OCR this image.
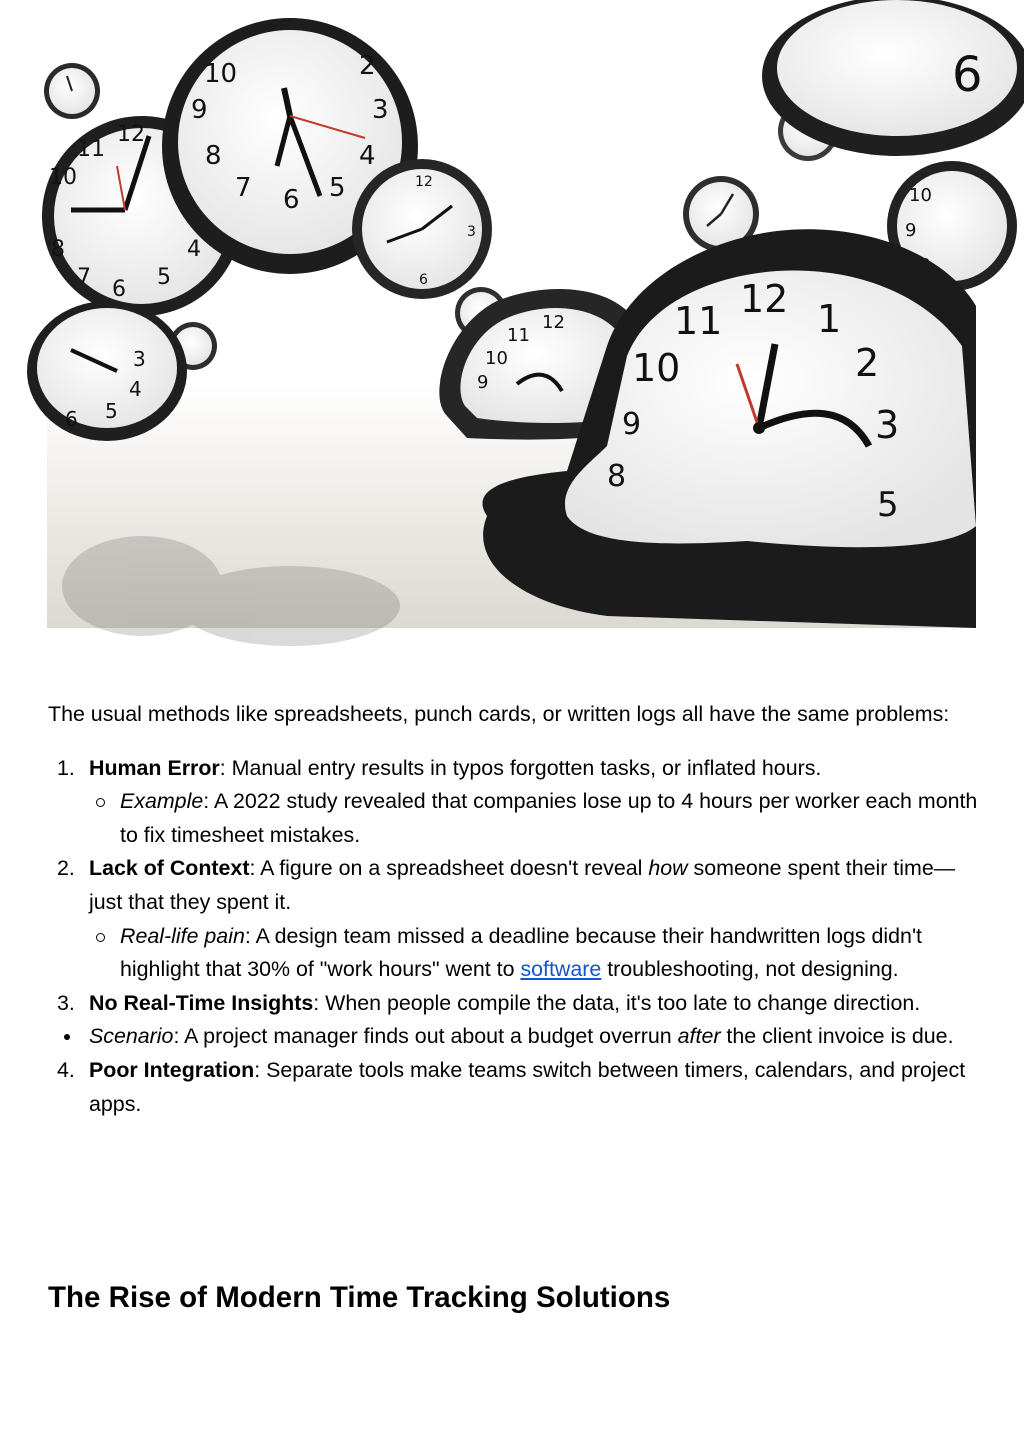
12
11
10
4
5
6
7
8
10
9
8
7 6 5
4
3
2
12
3
6
6
10
9
3
4
5
6
11
12
10
9
11 12 1
10	2
9	3
8
5

The usual methods like spreadsheets, punch cards, or written logs all have the same problems:

1. Human Error: Manual entry results in typos forgotten tasks, or inflated hours.
Example: A 2022 study revealed that companies lose up to 4 hours per worker each month to fix timesheet mistakes.
2. Lack of Context: A figure on a spreadsheet doesn't reveal how someone spent their time—just that they spent it.
Real-life pain: A design team missed a deadline because their handwritten logs didn't highlight that 30% of "work hours" went to software troubleshooting, not designing.
3. No Real-Time Insights: When people compile the data, it's too late to change direction.
Scenario: A project manager finds out about a budget overrun after the client invoice is due.
4. Poor Integration: Separate tools make teams switch between timers, calendars, and project apps.
The Rise of Modern Time Tracking Solutions
